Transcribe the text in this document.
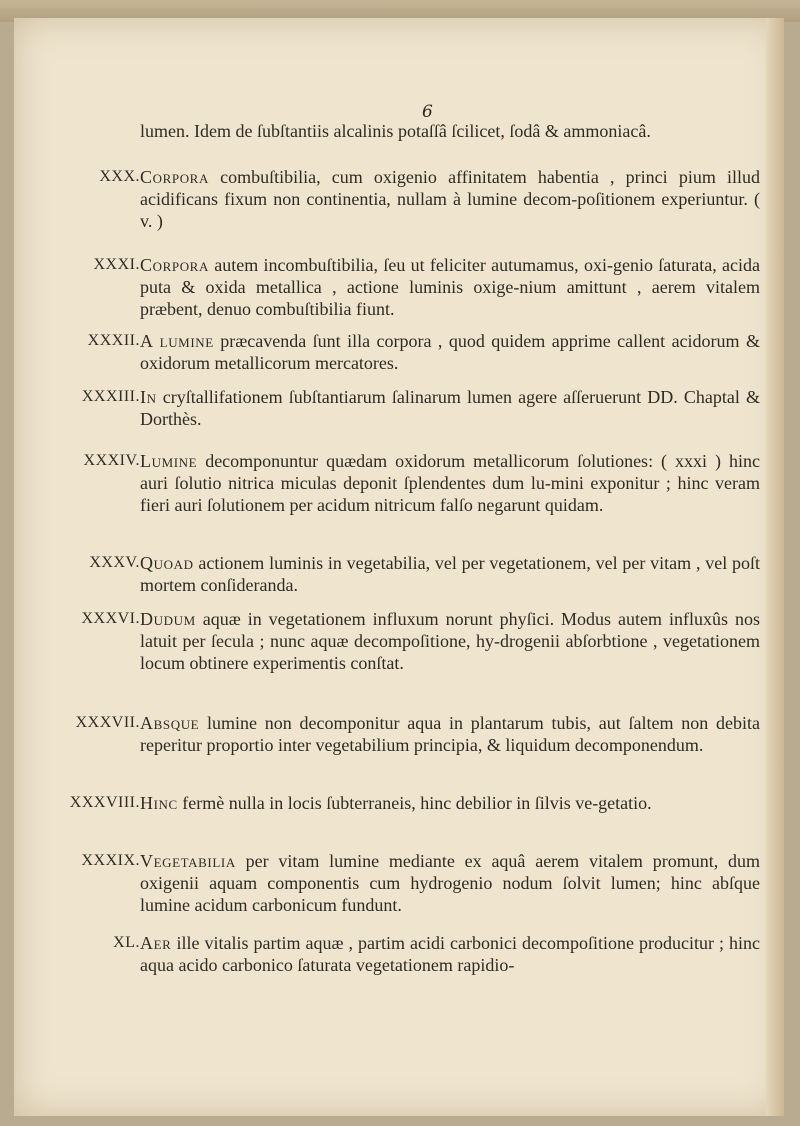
6
lumen. Idem de ſubſtantiis alcalinis potaſſâ ſcilicet, ſodâ & ammoniacâ.
XXX. Corpora combuſtibilia, cum oxigenio affinitatem habentia , princi pium illud acidificans fixum non continentia, nullam à lumine decom-poſitionem experiuntur. ( v. )
XXXI. Corpora autem incombuſtibilia, ſeu ut feliciter autumamus, oxi-genio ſaturata, acida puta & oxida metallica , actione luminis oxige-nium amittunt , aerem vitalem præbent, denuo combuſtibilia fiunt.
XXXII. A lumine præcavenda ſunt illa corpora , quod quidem apprime callent acidorum & oxidorum metallicorum mercatores.
XXXIII. In cryſtallifationem ſubſtantiarum ſalinarum lumen agere aſſeruerunt DD. Chaptal & Dorthès.
XXXIV. Lumine decomponuntur quædam oxidorum metallicorum ſolutiones: ( xxxi ) hinc auri ſolutio nitrica miculas deponit ſplendentes dum lu-mini exponitur ; hinc veram fieri auri ſolutionem per acidum nitricum falſo negarunt quidam.
XXXV. Quoad actionem luminis in vegetabilia, vel per vegetationem, vel per vitam , vel poſt mortem conſideranda.
XXXVI. Dudum aquæ in vegetationem influxum norunt phyſici. Modus autem influxûs nos latuit per ſecula ; nunc aquæ decompoſitione, hy-drogenii abſorbtione , vegetationem locum obtinere experimentis conſtat.
XXXVII. Absque lumine non decomponitur aqua in plantarum tubis, aut ſaltem non debita reperitur proportio inter vegetabilium principia, & liquidum decomponendum.
XXXVIII. Hinc fermè nulla in locis ſubterraneis, hinc debilior in ſilvis ve-getatio.
XXXIX. Vegetabilia per vitam lumine mediante ex aquâ aerem vitalem promunt, dum oxigenii aquam componentis cum hydrogenio nodum ſolvit lumen; hinc abſque lumine acidum carbonicum fundunt.
XL. Aer ille vitalis partim aquæ , partim acidi carbonici decompoſitione producitur ; hinc aqua acido carbonico ſaturata vegetationem rapidio-
